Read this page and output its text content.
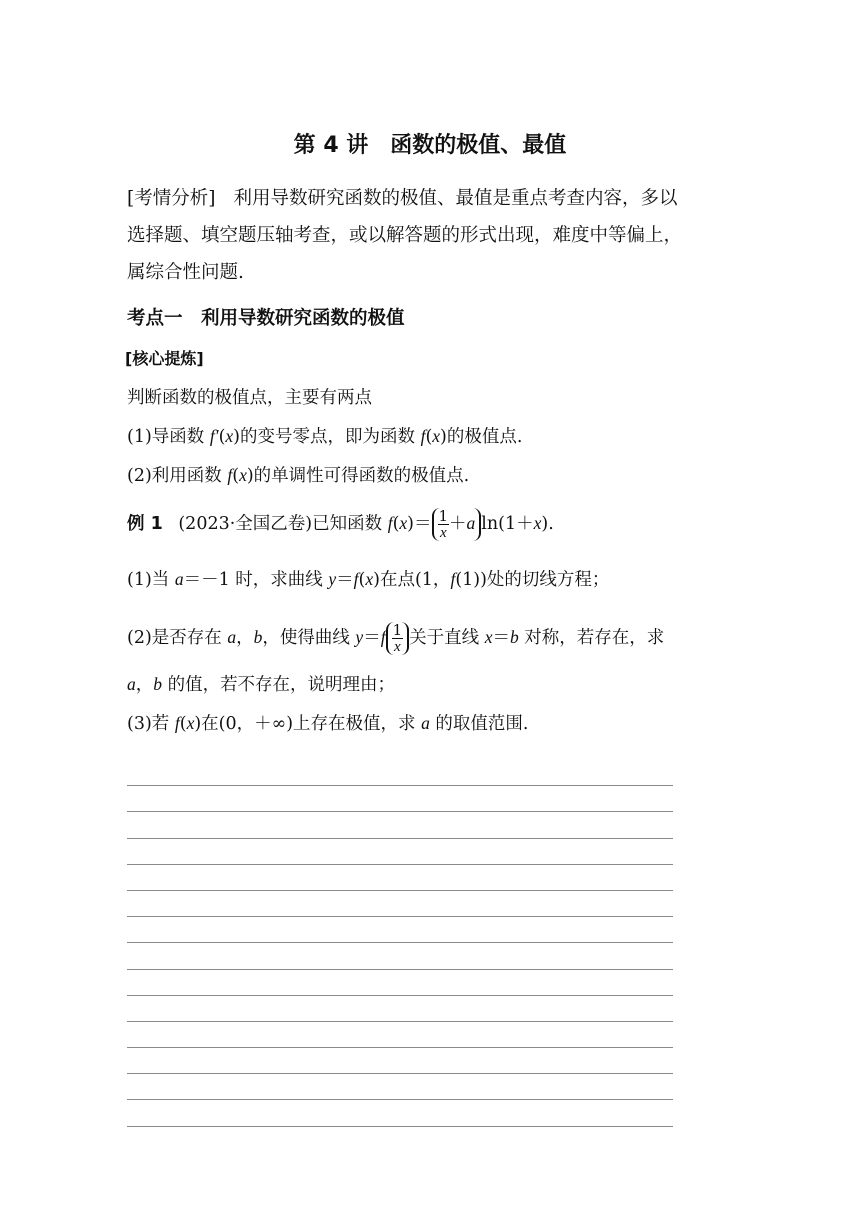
第 4 讲　函数的极值、最值
[考情分析] 利用导数研究函数的极值、最值是重点考查内容，多以
选择题、填空题压轴考查，或以解答题的形式出现，难度中等偏上，
属综合性问题.
考点一　利用导数研究函数的极值
[核心提炼]
判断函数的极值点，主要有两点
(1)导函数 f′(x)的变号零点，即为函数 f(x)的极值点.
(2)利用函数 f(x)的单调性可得函数的极值点.
例 1 (2023·全国乙卷)已知函数 $f(x)= \frac{1}{x} +a$ ln(1＋x).
(1)当 a＝－1 时，求曲线 y＝f(x)在点(1，f(1))处的切线方程；
(2)是否存在 a，b，使得曲线 $y=f \frac{1}{x}$ 关于直线 x＝b 对称，若存在，求
a，b 的值，若不存在，说明理由；
(3)若 f(x)在(0，＋∞)上存在极值，求 a 的取值范围.
